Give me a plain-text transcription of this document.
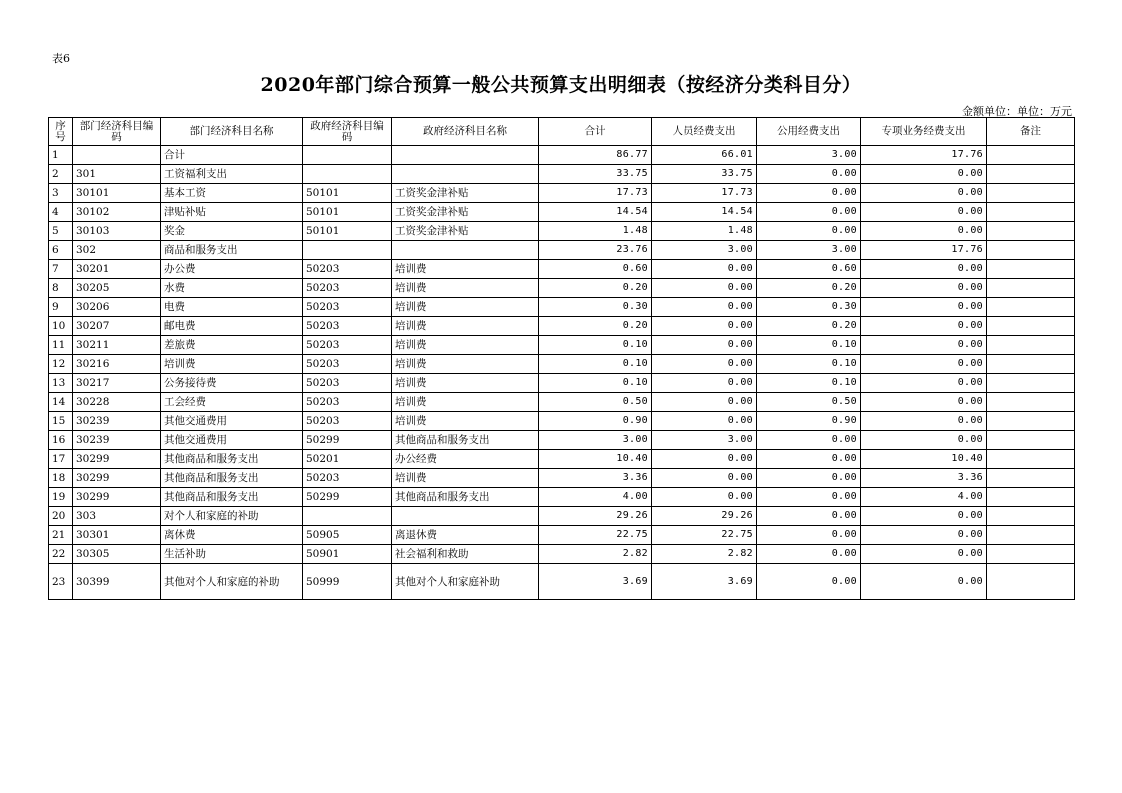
表6
2020年部门综合预算一般公共预算支出明细表（按经济分类科目分）
金额单位：单位：万元
序号	部门经济科目编码	部门经济科目名称	政府经济科目编码	政府经济科目名称	合计	人员经费支出	公用经费支出	专项业务经费支出	备注
1		合计			86.77	66.01	3.00	17.76	
2	301	工资福利支出			33.75	33.75	0.00	0.00	
3	30101	基本工资	50101	工资奖金津补贴	17.73	17.73	0.00	0.00	
4	30102	津贴补贴	50101	工资奖金津补贴	14.54	14.54	0.00	0.00	
5	30103	奖金	50101	工资奖金津补贴	1.48	1.48	0.00	0.00	
6	302	商品和服务支出			23.76	3.00	3.00	17.76	
7	30201	办公费	50203	培训费	0.60	0.00	0.60	0.00	
8	30205	水费	50203	培训费	0.20	0.00	0.20	0.00	
9	30206	电费	50203	培训费	0.30	0.00	0.30	0.00	
10	30207	邮电费	50203	培训费	0.20	0.00	0.20	0.00	
11	30211	差旅费	50203	培训费	0.10	0.00	0.10	0.00	
12	30216	培训费	50203	培训费	0.10	0.00	0.10	0.00	
13	30217	公务接待费	50203	培训费	0.10	0.00	0.10	0.00	
14	30228	工会经费	50203	培训费	0.50	0.00	0.50	0.00	
15	30239	其他交通费用	50203	培训费	0.90	0.00	0.90	0.00	
16	30239	其他交通费用	50299	其他商品和服务支出	3.00	3.00	0.00	0.00	
17	30299	其他商品和服务支出	50201	办公经费	10.40	0.00	0.00	10.40	
18	30299	其他商品和服务支出	50203	培训费	3.36	0.00	0.00	3.36	
19	30299	其他商品和服务支出	50299	其他商品和服务支出	4.00	0.00	0.00	4.00	
20	303	对个人和家庭的补助			29.26	29.26	0.00	0.00	
21	30301	离休费	50905	离退休费	22.75	22.75	0.00	0.00	
22	30305	生活补助	50901	社会福利和救助	2.82	2.82	0.00	0.00	
23	30399	其他对个人和家庭的补助	50999	其他对个人和家庭补助	3.69	3.69	0.00	0.00	
